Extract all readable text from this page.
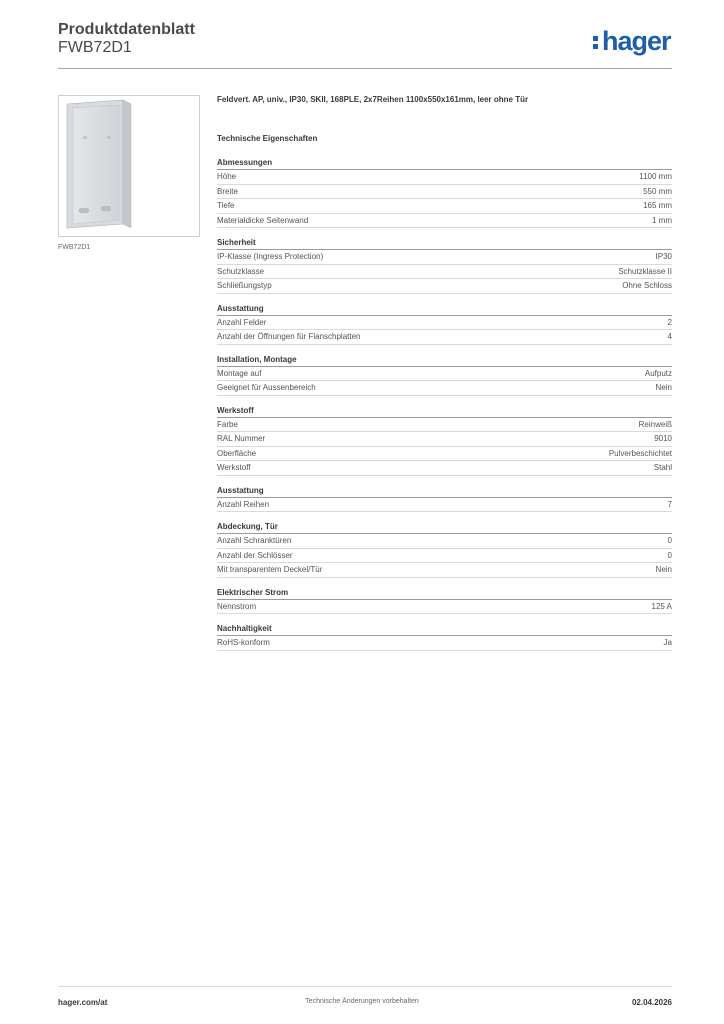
Produktdatenblatt
FWB72D1	hager
FWB72D1
Feldvert. AP, univ., IP30, SKII, 168PLE, 2x7Reihen 1100x550x161mm, leer ohne Tür
Technische Eigenschaften
Abmessungen
Höhe	1100 mm
Breite	550 mm
Tiefe	165 mm
Materialdicke Seitenwand	1 mm
Sicherheit
IP-Klasse (Ingress Protection)	IP30
Schutzklasse	Schutzklasse II
Schließungstyp	Ohne Schloss
Ausstattung
Anzahl Felder	2
Anzahl der Öffnungen für Flanschplatten	4
Installation, Montage
Montage auf	Aufputz
Geeignet für Aussenbereich	Nein
Werkstoff
Farbe	Reinweiß
RAL Nummer	9010
Oberfläche	Pulverbeschichtet
Werkstoff	Stahl
Ausstattung
Anzahl Reihen	7
Abdeckung, Tür
Anzahl Schranktüren	0
Anzahl der Schlösser	0
Mit transparentem Deckel/Tür	Nein
Elektrischer Strom
Nennstrom	125 A
Nachhaltigkeit
RoHS-konform	Ja
hager.com/at	Technische Änderungen vorbehalten	02.04.2026
